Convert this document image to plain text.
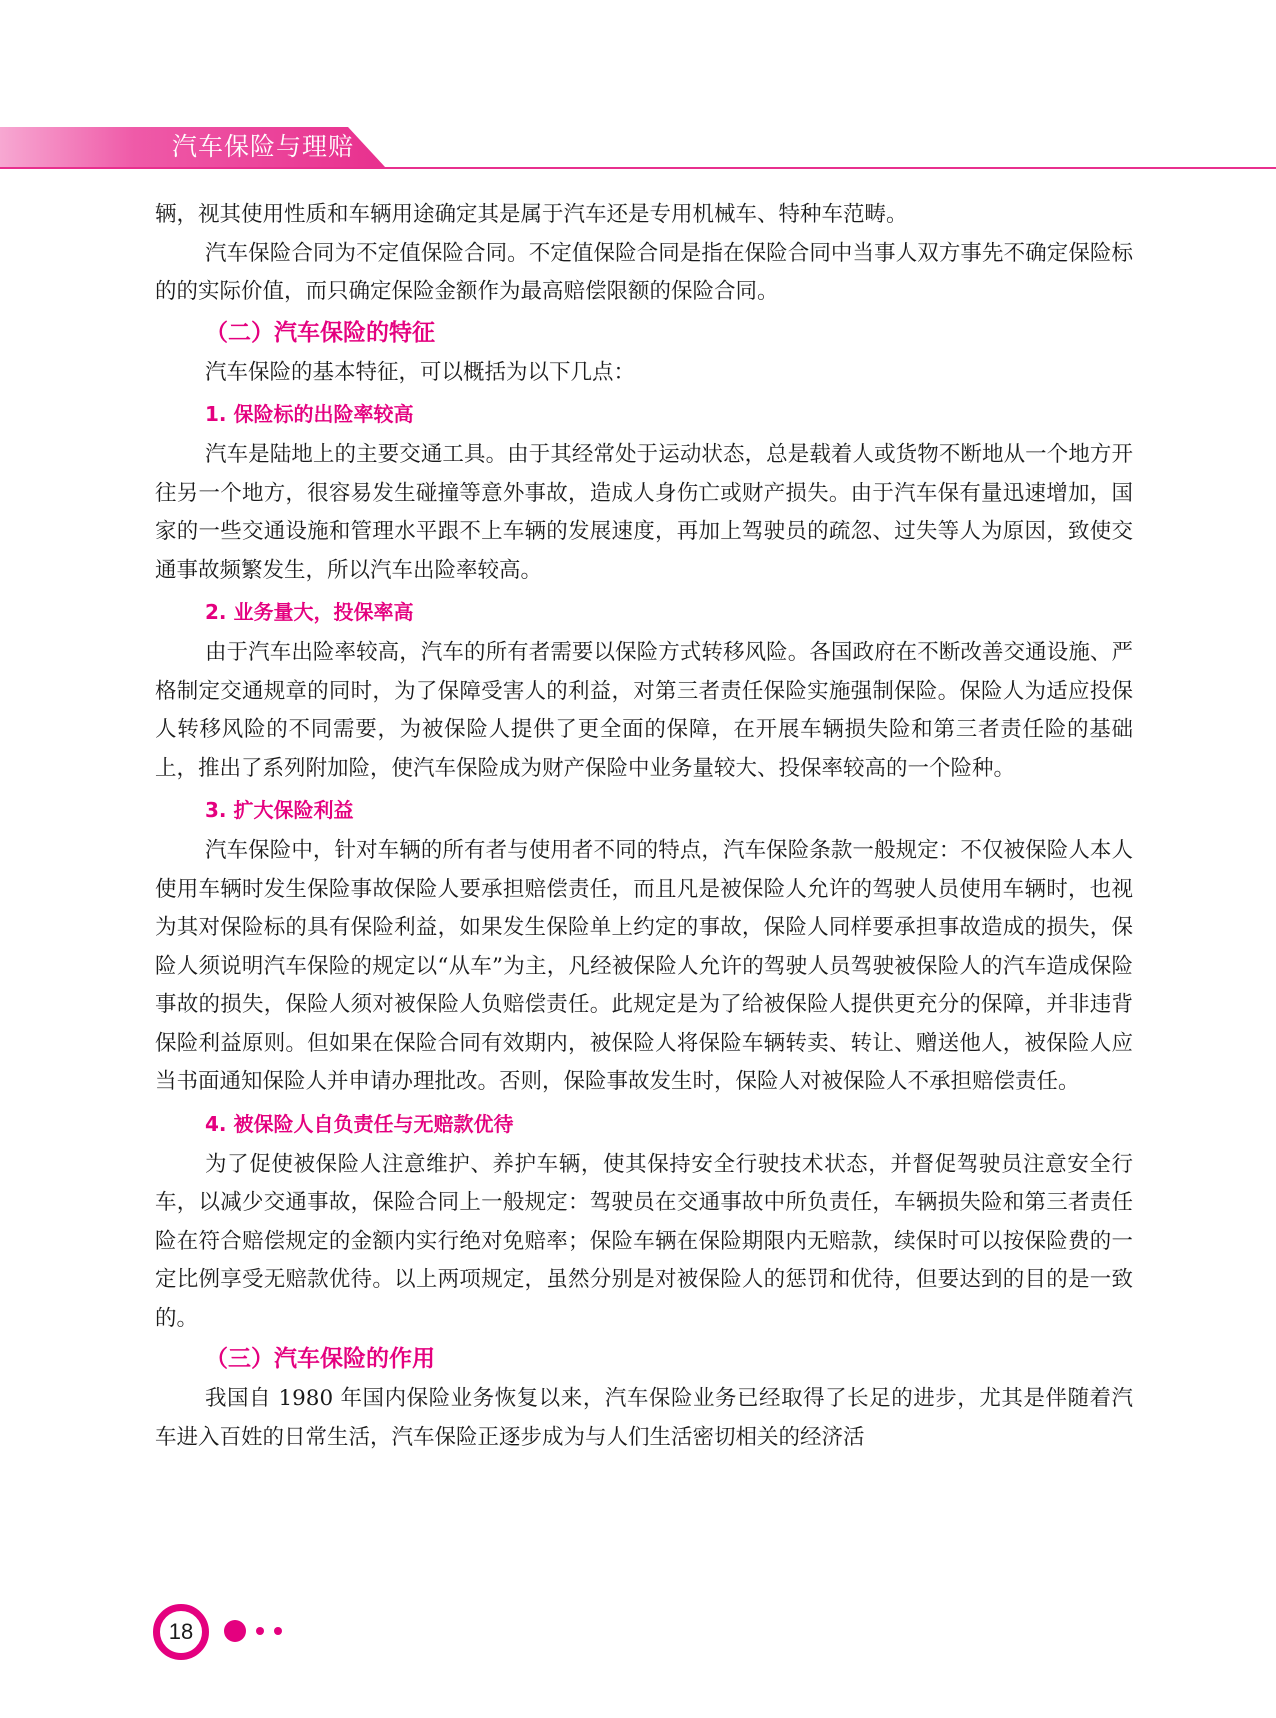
汽车保险与理赔

辆，视其使用性质和车辆用途确定其是属于汽车还是专用机械车、特种车范畴。

汽车保险合同为不定值保险合同。不定值保险合同是指在保险合同中当事人双方事先不确定保险标的的实际价值，而只确定保险金额作为最高赔偿限额的保险合同。

（二）汽车保险的特征

汽车保险的基本特征，可以概括为以下几点：

1. 保险标的出险率较高

汽车是陆地上的主要交通工具。由于其经常处于运动状态，总是载着人或货物不断地从一个地方开往另一个地方，很容易发生碰撞等意外事故，造成人身伤亡或财产损失。由于汽车保有量迅速增加，国家的一些交通设施和管理水平跟不上车辆的发展速度，再加上驾驶员的疏忽、过失等人为原因，致使交通事故频繁发生，所以汽车出险率较高。

2. 业务量大，投保率高

由于汽车出险率较高，汽车的所有者需要以保险方式转移风险。各国政府在不断改善交通设施、严格制定交通规章的同时，为了保障受害人的利益，对第三者责任保险实施强制保险。保险人为适应投保人转移风险的不同需要，为被保险人提供了更全面的保障，在开展车辆损失险和第三者责任险的基础上，推出了系列附加险，使汽车保险成为财产保险中业务量较大、投保率较高的一个险种。

3. 扩大保险利益

汽车保险中，针对车辆的所有者与使用者不同的特点，汽车保险条款一般规定：不仅被保险人本人使用车辆时发生保险事故保险人要承担赔偿责任，而且凡是被保险人允许的驾驶人员使用车辆时，也视为其对保险标的具有保险利益，如果发生保险单上约定的事故，保险人同样要承担事故造成的损失，保险人须说明汽车保险的规定以“从车”为主，凡经被保险人允许的驾驶人员驾驶被保险人的汽车造成保险事故的损失，保险人须对被保险人负赔偿责任。此规定是为了给被保险人提供更充分的保障，并非违背保险利益原则。但如果在保险合同有效期内，被保险人将保险车辆转卖、转让、赠送他人，被保险人应当书面通知保险人并申请办理批改。否则，保险事故发生时，保险人对被保险人不承担赔偿责任。

4. 被保险人自负责任与无赔款优待

为了促使被保险人注意维护、养护车辆，使其保持安全行驶技术状态，并督促驾驶员注意安全行车，以减少交通事故，保险合同上一般规定：驾驶员在交通事故中所负责任，车辆损失险和第三者责任险在符合赔偿规定的金额内实行绝对免赔率；保险车辆在保险期限内无赔款，续保时可以按保险费的一定比例享受无赔款优待。以上两项规定，虽然分别是对被保险人的惩罚和优待，但要达到的目的是一致的。

（三）汽车保险的作用

我国自 1980 年国内保险业务恢复以来，汽车保险业务已经取得了长足的进步，尤其是伴随着汽车进入百姓的日常生活，汽车保险正逐步成为与人们生活密切相关的经济活

18
